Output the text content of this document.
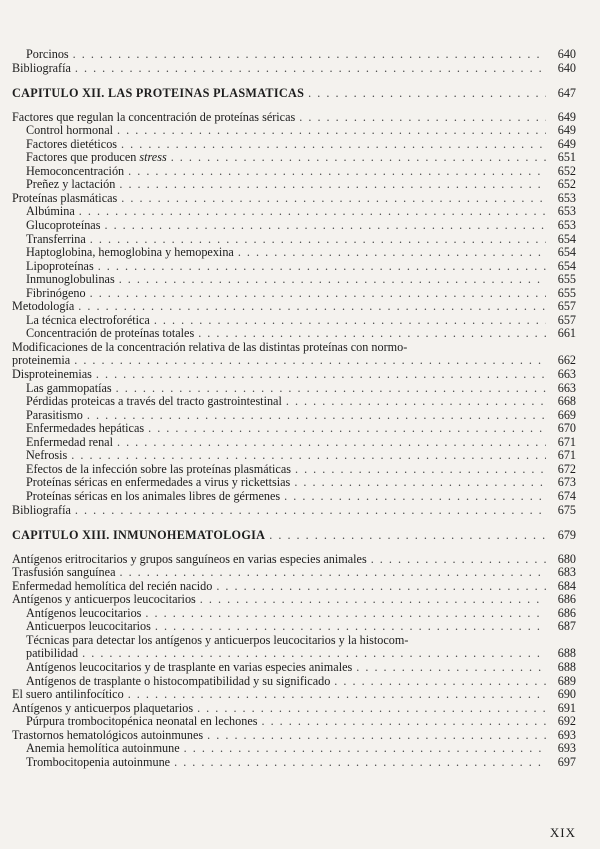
Porcinos . . .	640
Bibliografía . . .	640
CAPITULO XII. LAS PROTEINAS PLASMATICAS . . .	647
Factores que regulan la concentración de proteínas séricas . . .	649
Control hormonal . . .	649
Factores dietéticos . . .	649
Factores que producen stress . . .	651
Hemoconcentración . . .	652
Preñez y lactación . . .	652
Proteínas plasmáticas . . .	653
Albúmina . . .	653
Glucoproteínas . . .	653
Transferrina . . .	654
Haptoglobina, hemoglobina y hemopexina . . .	654
Lipoproteínas . . .	654
Inmunoglobulinas . . .	655
Fibrinógeno . . .	655
Metodología . . .	657
La técnica electroforética . . .	657
Concentración de proteínas totales . . .	661
Modificaciones de la concentración relativa de las distintas proteínas con normo-
proteinemia . . .	662
Disproteinemias . . .	663
Las gammopatías . . .	663
Pérdidas proteicas a través del tracto gastrointestinal . . .	668
Parasitismo . . .	669
Enfermedades hepáticas . . .	670
Enfermedad renal . . .	671
Nefrosis . . .	671
Efectos de la infección sobre las proteínas plasmáticas . . .	672
Proteínas séricas en enfermedades a virus y rickettsias . . .	673
Proteínas séricas en los animales libres de gérmenes . . .	674
Bibliografía . . .	675
CAPITULO XIII. INMUNOHEMATOLOGIA . . .	679
Antígenos eritrocitarios y grupos sanguíneos en varias especies animales . . .	680
Trasfusión sanguínea . . .	683
Enfermedad hemolítica del recién nacido . . .	684
Antígenos y anticuerpos leucocitarios . . .	686
Antígenos leucocitarios . . .	686
Anticuerpos leucocitarios . . .	687
Técnicas para detectar los antígenos y anticuerpos leucocitarios y la histocom-
patibilidad . . .	688
Antígenos leucocitarios y de trasplante en varias especies animales . . .	688
Antígenos de trasplante o histocompatibilidad y su significado . . .	689
El suero antilinfocítico . . .	690
Antígenos y anticuerpos plaquetarios . . .	691
Púrpura trombocitopénica neonatal en lechones . . .	692
Trastornos hematológicos autoinmunes . . .	693
Anemia hemolítica autoinmune . . .	693
Trombocitopenia autoinmune . . .	697
XIX
